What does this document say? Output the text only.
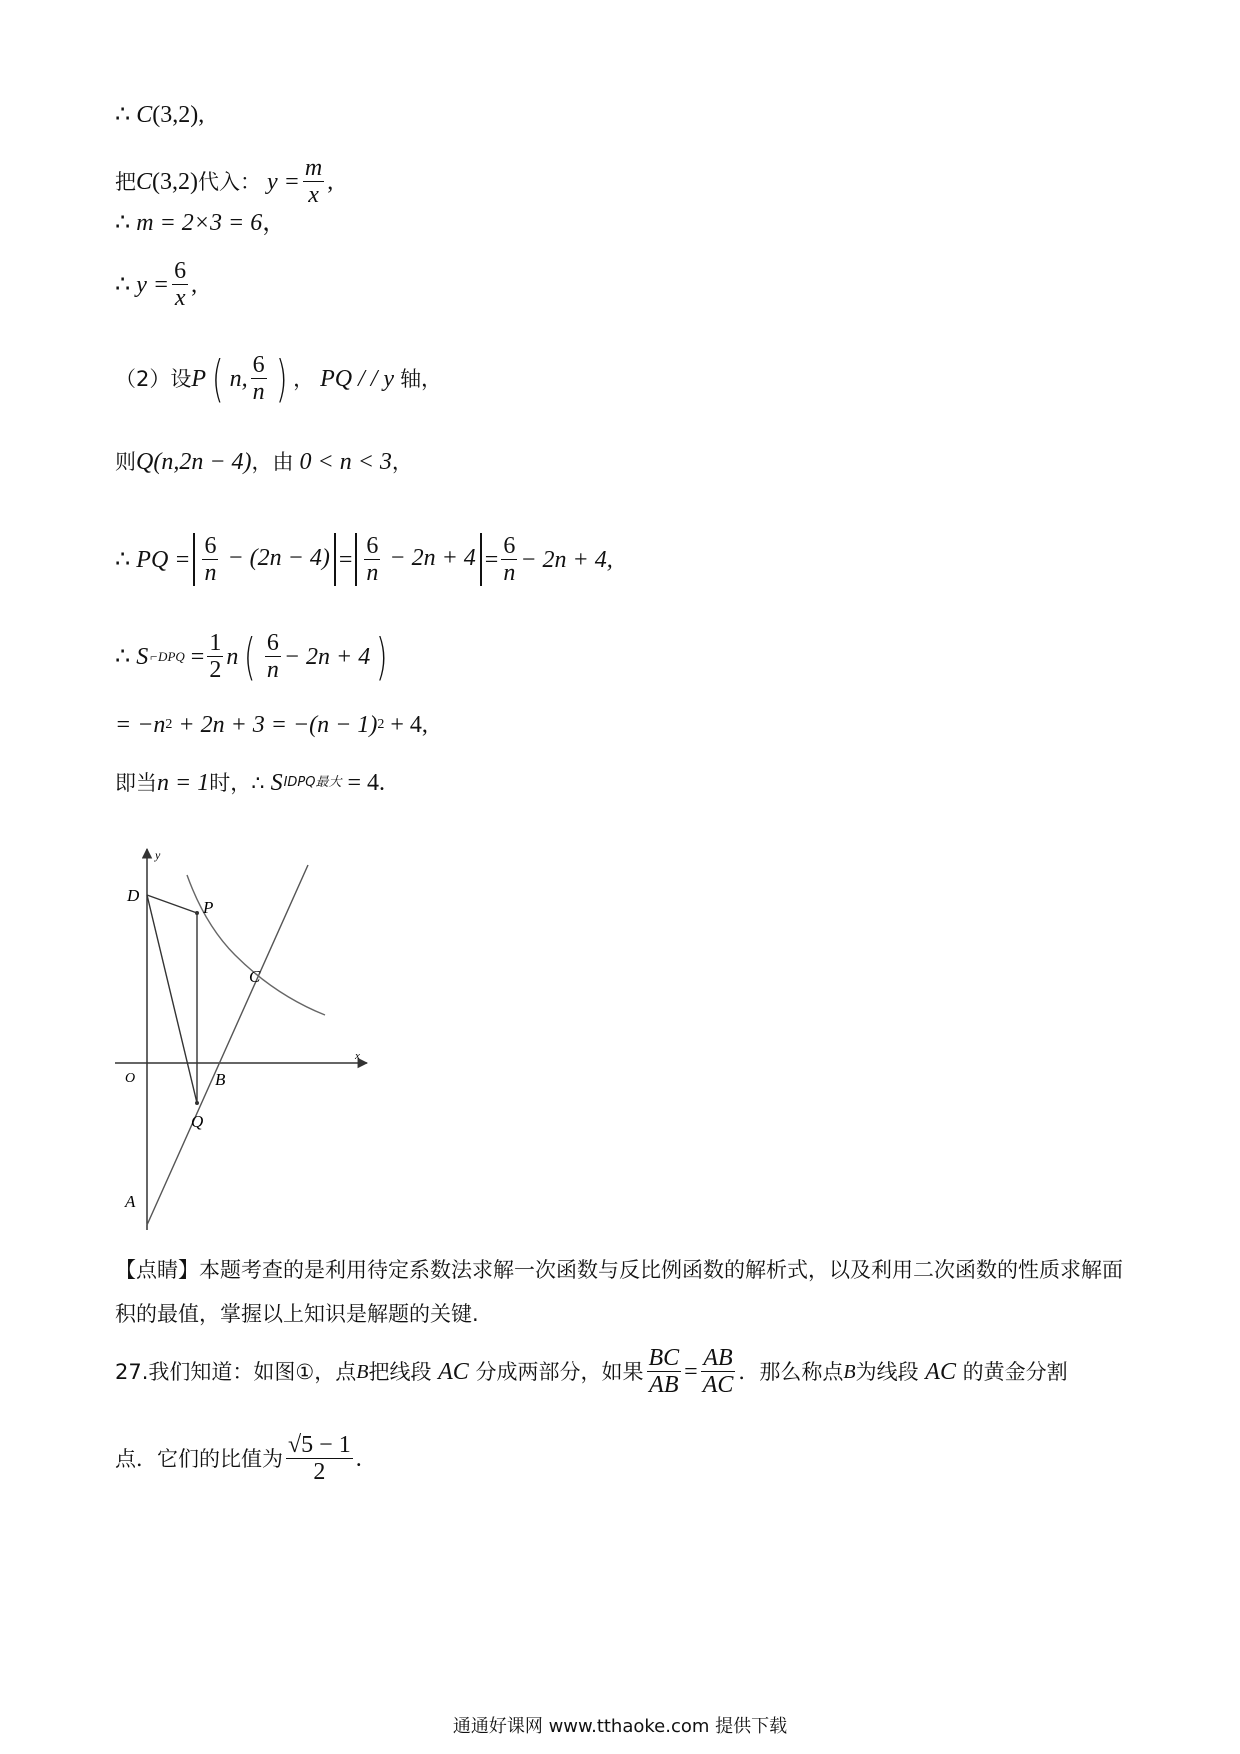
∴
C (3,2) ,
把 C (3,2) 代入：
$y = \frac{m}{x}$ ,
∴
m = 2×3 = 6 ，
∴
$y = \frac{6}{x}$ ,
（2）设 P ( n, $\frac{6}{n}$ ) ，
PQ / / y
轴，
则 Q (n,2n − 4) ，由
0 < n < 3 ，
∴
PQ = $\frac{6}{n} - (2n - 4) = \frac{6}{n} - 2n + 4 = \frac{6}{n} - 2n + 4$,
∴
S ⌐DPQ
= $\frac{1}{2}$ n ( $\frac{6}{n} - 2n + 4$ )
= −n 2
+ 2n + 3 = −(n − 1) 2
+ 4,
即当 n = 1 时，∴
S ΙDPQ最大
= 4.
y
x
O
D
P
C
B
Q
A
【点睛】本题考查的是利用待定系数法求解一次函数与反比例函数的解析式，以及利用二次函数的性质求解面积的最值，掌握以上知识是解题的关键.
27. 我们知道：如图①，点 B 把线段
AC
分成两部分，如果 $\frac{BC}{AB} = \frac{AB}{AC}$ ．那么称点 B 为线段
AC
的黄金分割
点．它们的比值为 $\frac{√5 - 1}{2}$ .
通通好课网 www.tthaoke.com 提供下载
